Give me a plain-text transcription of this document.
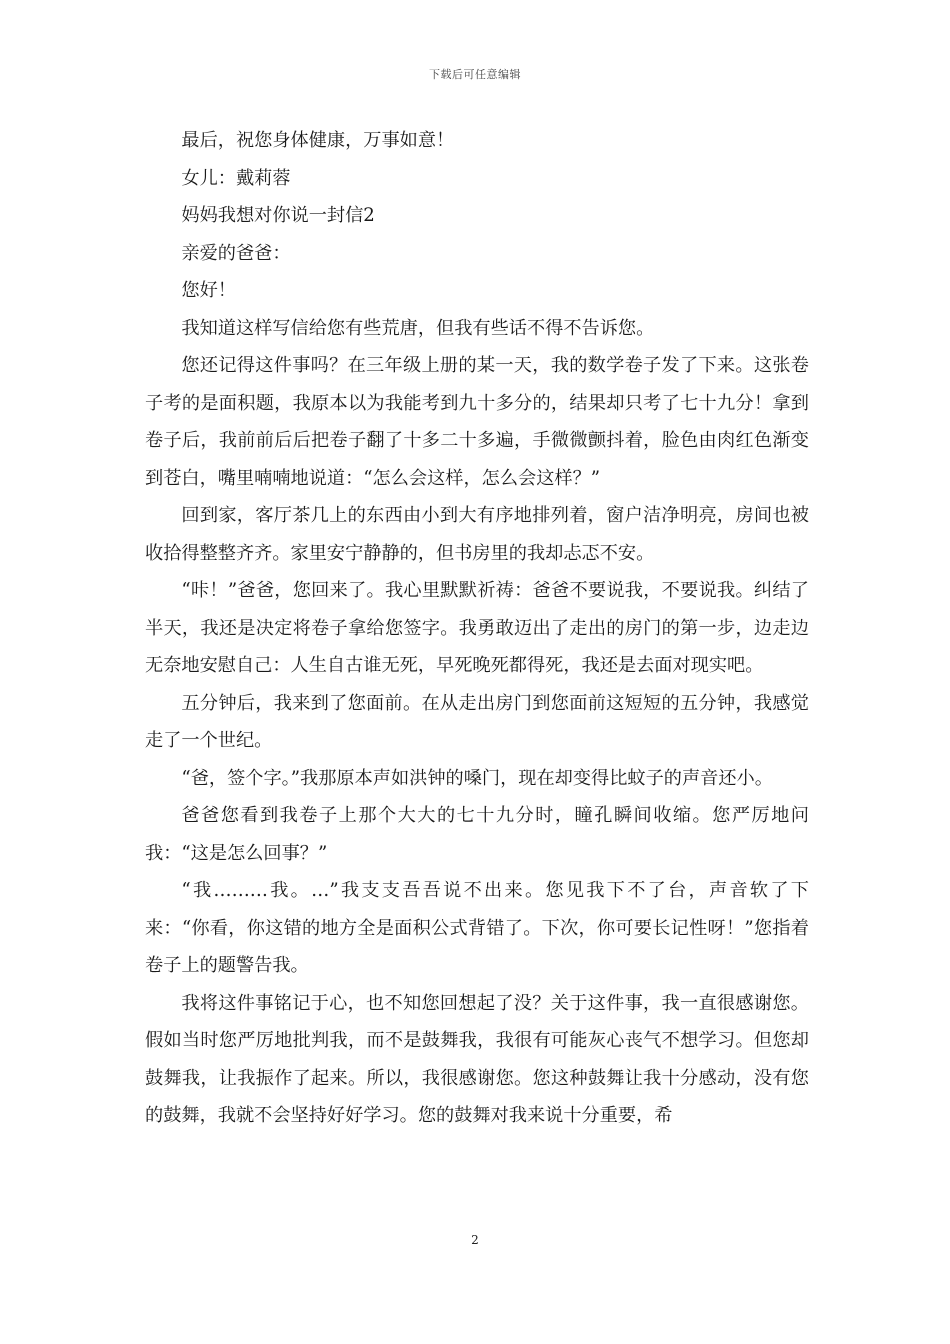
下载后可任意编辑

最后，祝您身体健康，万事如意！

女儿：戴莉蓉

妈妈我想对你说一封信2

亲爱的爸爸：

您好！

我知道这样写信给您有些荒唐，但我有些话不得不告诉您。

您还记得这件事吗？在三年级上册的某一天，我的数学卷子发了下来。这张卷子考的是面积题，我原本以为我能考到九十多分的，结果却只考了七十九分！拿到卷子后，我前前后后把卷子翻了十多二十多遍，手微微颤抖着，脸色由肉红色渐变到苍白，嘴里喃喃地说道：“怎么会这样，怎么会这样？”

回到家，客厅茶几上的东西由小到大有序地排列着，窗户洁净明亮，房间也被收拾得整整齐齐。家里安宁静静的，但书房里的我却忐忑不安。

“咔！”爸爸，您回来了。我心里默默祈祷：爸爸不要说我，不要说我。纠结了半天，我还是决定将卷子拿给您签字。我勇敢迈出了走出的房门的第一步，边走边无奈地安慰自己：人生自古谁无死，早死晚死都得死，我还是去面对现实吧。

五分钟后，我来到了您面前。在从走出房门到您面前这短短的五分钟，我感觉走了一个世纪。

“爸，签个字。”我那原本声如洪钟的嗓门，现在却变得比蚊子的声音还小。

爸爸您看到我卷子上那个大大的七十九分时，瞳孔瞬间收缩。您严厉地问我：“这是怎么回事？”

“我………我。…”我支支吾吾说不出来。您见我下不了台，声音软了下来：“你看，你这错的地方全是面积公式背错了。下次，你可要长记性呀！”您指着卷子上的题警告我。

我将这件事铭记于心，也不知您回想起了没？关于这件事，我一直很感谢您。假如当时您严厉地批判我，而不是鼓舞我，我很有可能灰心丧气不想学习。但您却鼓舞我，让我振作了起来。所以，我很感谢您。您这种鼓舞让我十分感动，没有您的鼓舞，我就不会坚持好好学习。您的鼓舞对我来说十分重要，希

2
